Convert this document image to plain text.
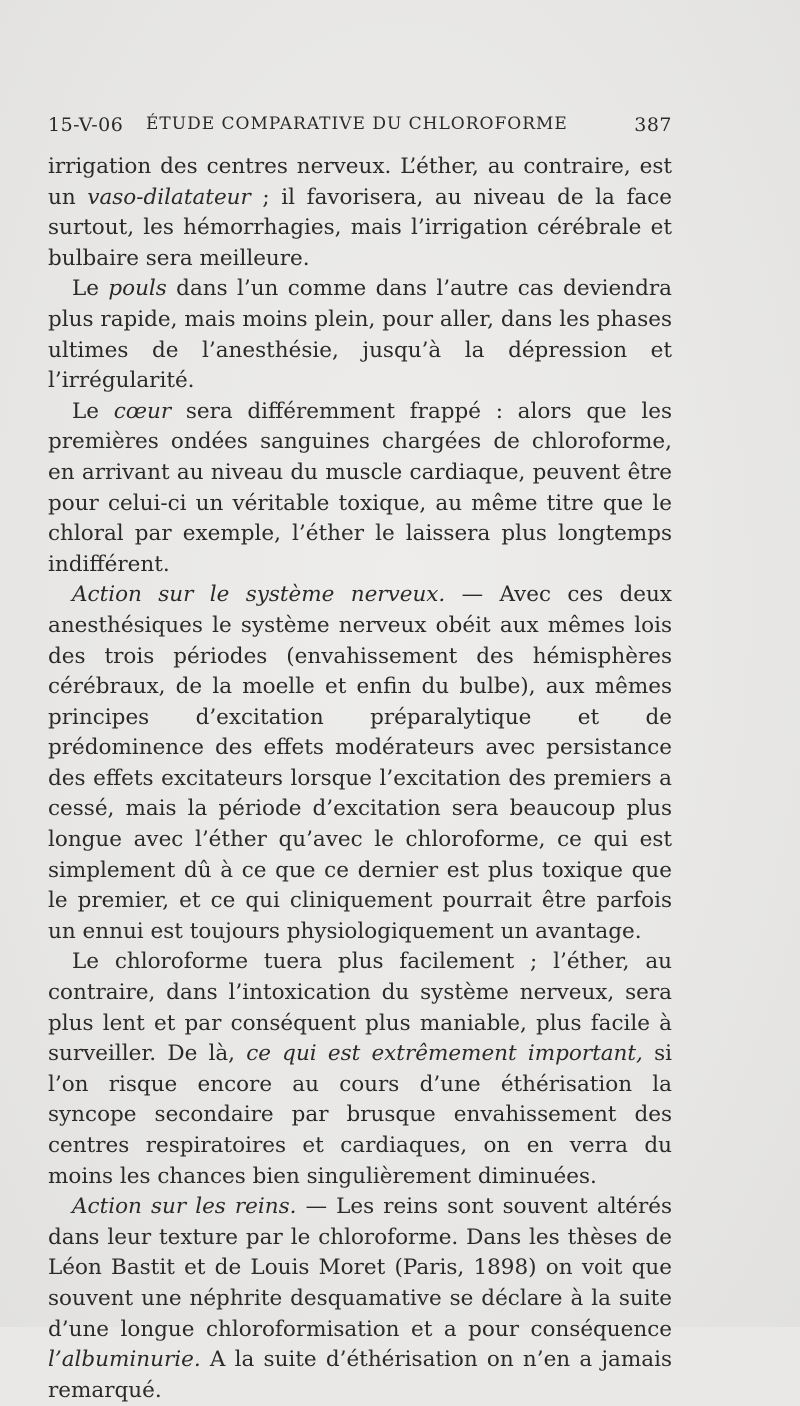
15-V-06 ÉTUDE COMPARATIVE DU CHLOROFORME	387

irrigation des centres nerveux. L’éther, au contraire, est un vaso-dilatateur ; il favorisera, au niveau de la face surtout, les hémorrhagies, mais l’irrigation cérébrale et bulbaire sera meilleure.

Le pouls dans l’un comme dans l’autre cas deviendra plus rapide, mais moins plein, pour aller, dans les phases ultimes de l’anesthésie, jusqu’à la dépression et l’irrégularité.

Le cœur sera différemment frappé : alors que les premières ondées sanguines chargées de chloroforme, en arrivant au niveau du muscle cardiaque, peuvent être pour celui-ci un véritable toxique, au même titre que le chloral par exemple, l’éther le laissera plus longtemps indifférent.

Action sur le système nerveux. — Avec ces deux anesthésiques le système nerveux obéit aux mêmes lois des trois périodes (envahissement des hémisphères cérébraux, de la moelle et enfin du bulbe), aux mêmes principes d’excitation préparalytique et de prédominence des effets modérateurs avec persistance des effets excitateurs lorsque l’excitation des premiers a cessé, mais la période d’excitation sera beaucoup plus longue avec l’éther qu’avec le chloroforme, ce qui est simplement dû à ce que ce dernier est plus toxique que le premier, et ce qui cliniquement pourrait être parfois un ennui est toujours physiologiquement un avantage.

Le chloroforme tuera plus facilement ; l’éther, au contraire, dans l’intoxication du système nerveux, sera plus lent et par conséquent plus maniable, plus facile à surveiller. De là, ce qui est extrêmement important, si l’on risque encore au cours d’une éthérisation la syncope secondaire par brusque envahissement des centres respiratoires et cardiaques, on en verra du moins les chances bien singulièrement diminuées.

Action sur les reins. — Les reins sont souvent altérés dans leur texture par le chloroforme. Dans les thèses de Léon Bastit et de Louis Moret (Paris, 1898) on voit que souvent une néphrite desquamative se déclare à la suite d’une longue chloroformisation et a pour conséquence l’albuminurie. A la suite d’éthérisation on n’en a jamais remarqué.
